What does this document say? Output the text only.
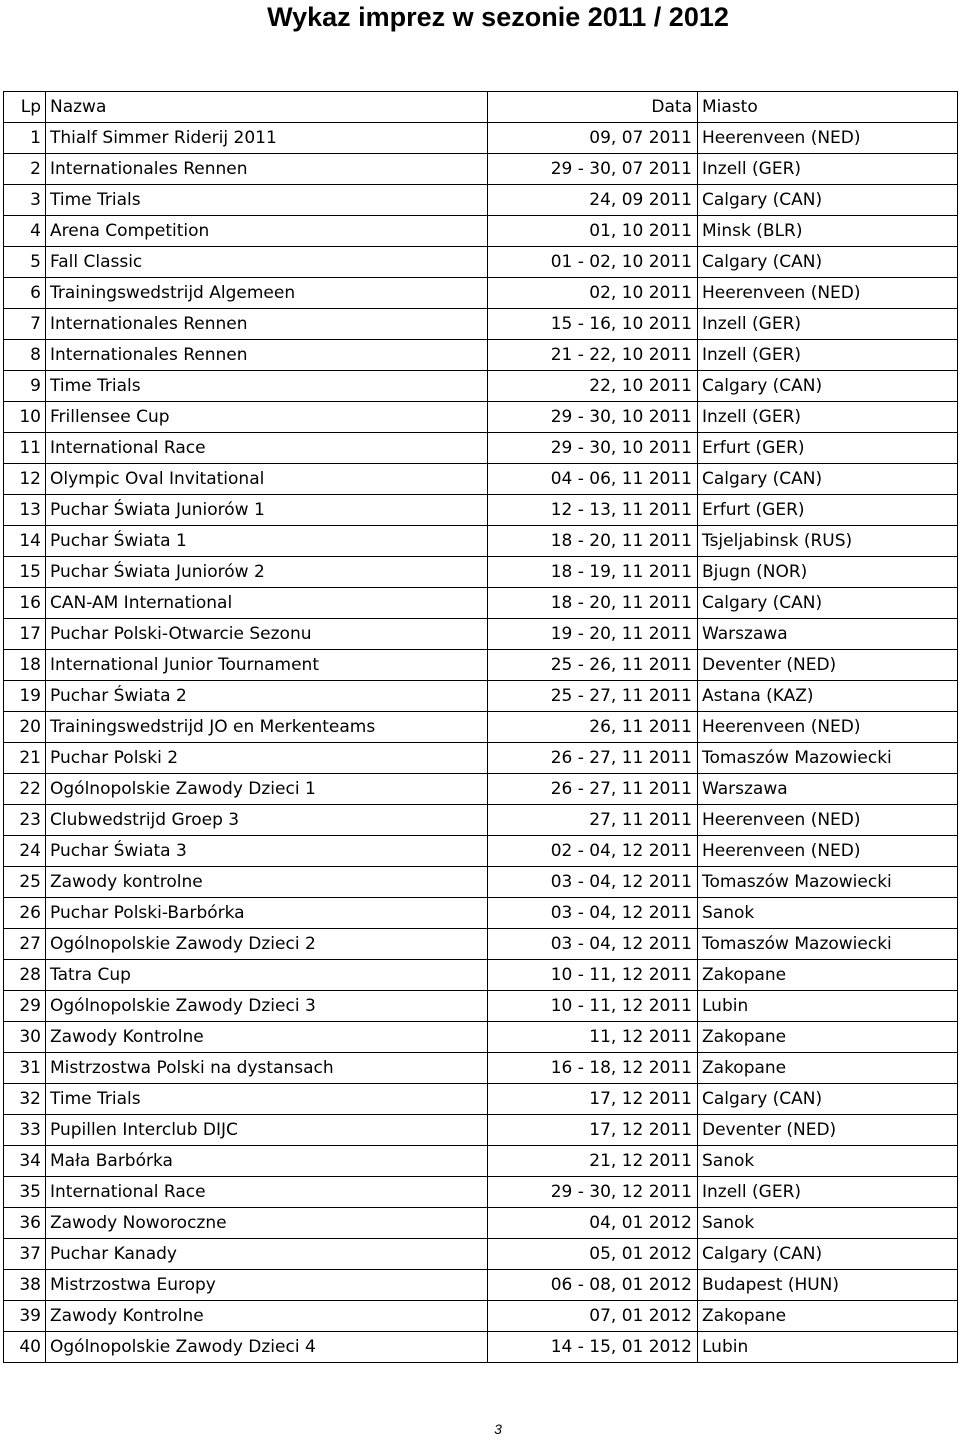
Wykaz imprez w sezonie 2011 / 2012
Lp	Nazwa	Data	Miasto
1	Thialf Simmer Riderij 2011	09, 07 2011	Heerenveen (NED)
2	Internationales Rennen	29 - 30, 07 2011	Inzell (GER)
3	Time Trials	24, 09 2011	Calgary (CAN)
4	Arena Competition	01, 10 2011	Minsk (BLR)
5	Fall Classic	01 - 02, 10 2011	Calgary (CAN)
6	Trainingswedstrijd Algemeen	02, 10 2011	Heerenveen (NED)
7	Internationales Rennen	15 - 16, 10 2011	Inzell (GER)
8	Internationales Rennen	21 - 22, 10 2011	Inzell (GER)
9	Time Trials	22, 10 2011	Calgary (CAN)
10	Frillensee Cup	29 - 30, 10 2011	Inzell (GER)
11	International Race	29 - 30, 10 2011	Erfurt (GER)
12	Olympic Oval Invitational	04 - 06, 11 2011	Calgary (CAN)
13	Puchar Świata Juniorów 1	12 - 13, 11 2011	Erfurt (GER)
14	Puchar Świata 1	18 - 20, 11 2011	Tsjeljabinsk (RUS)
15	Puchar Świata Juniorów 2	18 - 19, 11 2011	Bjugn (NOR)
16	CAN-AM International	18 - 20, 11 2011	Calgary (CAN)
17	Puchar Polski-Otwarcie Sezonu	19 - 20, 11 2011	Warszawa
18	International Junior Tournament	25 - 26, 11 2011	Deventer (NED)
19	Puchar Świata 2	25 - 27, 11 2011	Astana (KAZ)
20	Trainingswedstrijd JO en Merkenteams	26, 11 2011	Heerenveen (NED)
21	Puchar Polski 2	26 - 27, 11 2011	Tomaszów Mazowiecki
22	Ogólnopolskie Zawody Dzieci 1	26 - 27, 11 2011	Warszawa
23	Clubwedstrijd Groep 3	27, 11 2011	Heerenveen (NED)
24	Puchar Świata 3	02 - 04, 12 2011	Heerenveen (NED)
25	Zawody kontrolne	03 - 04, 12 2011	Tomaszów Mazowiecki
26	Puchar Polski-Barbórka	03 - 04, 12 2011	Sanok
27	Ogólnopolskie Zawody Dzieci 2	03 - 04, 12 2011	Tomaszów Mazowiecki
28	Tatra Cup	10 - 11, 12 2011	Zakopane
29	Ogólnopolskie Zawody Dzieci 3	10 - 11, 12 2011	Lubin
30	Zawody Kontrolne	11, 12 2011	Zakopane
31	Mistrzostwa Polski na dystansach	16 - 18, 12 2011	Zakopane
32	Time Trials	17, 12 2011	Calgary (CAN)
33	Pupillen Interclub DIJC	17, 12 2011	Deventer (NED)
34	Mała Barbórka	21, 12 2011	Sanok
35	International Race	29 - 30, 12 2011	Inzell (GER)
36	Zawody Noworoczne	04, 01 2012	Sanok
37	Puchar Kanady	05, 01 2012	Calgary (CAN)
38	Mistrzostwa Europy	06 - 08, 01 2012	Budapest (HUN)
39	Zawody Kontrolne	07, 01 2012	Zakopane
40	Ogólnopolskie Zawody Dzieci 4	14 - 15, 01 2012	Lubin
3
